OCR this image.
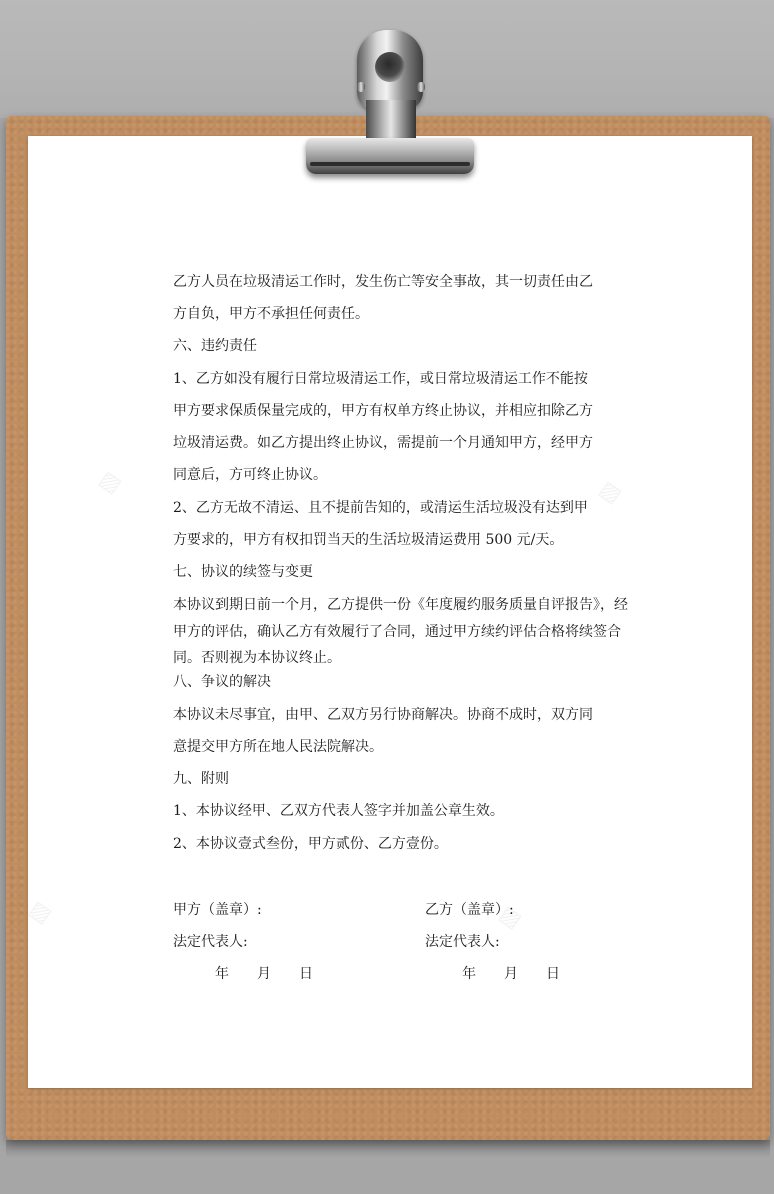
▨	▨
▨	▨
乙方人员在垃圾清运工作时，发生伤亡等安全事故，其一切责任由乙
方自负，甲方不承担任何责任。
六、违约责任
1、乙方如没有履行日常垃圾清运工作，或日常垃圾清运工作不能按
甲方要求保质保量完成的，甲方有权单方终止协议，并相应扣除乙方
垃圾清运费。如乙方提出终止协议，需提前一个月通知甲方，经甲方
同意后，方可终止协议。
2、乙方无故不清运、且不提前告知的，或清运生活垃圾没有达到甲
方要求的，甲方有权扣罚当天的生活垃圾清运费用 500 元/天。
七、协议的续签与变更
本协议到期日前一个月，乙方提供一份《年度履约服务质量自评报告》，经
甲方的评估，确认乙方有效履行了合同，通过甲方续约评估合格将续签合
同。否则视为本协议终止。
八、争议的解决
本协议未尽事宜，由甲、乙双方另行协商解决。协商不成时，双方同
意提交甲方所在地人民法院解决。
九、附则
1、本协议经甲、乙双方代表人签字并加盖公章生效。
2、本协议壹式叁份，甲方贰份、乙方壹份。
甲方（盖章）:	乙方（盖章）:
法定代表人:	法定代表人:
年　　月　　日	年　　月　　日
